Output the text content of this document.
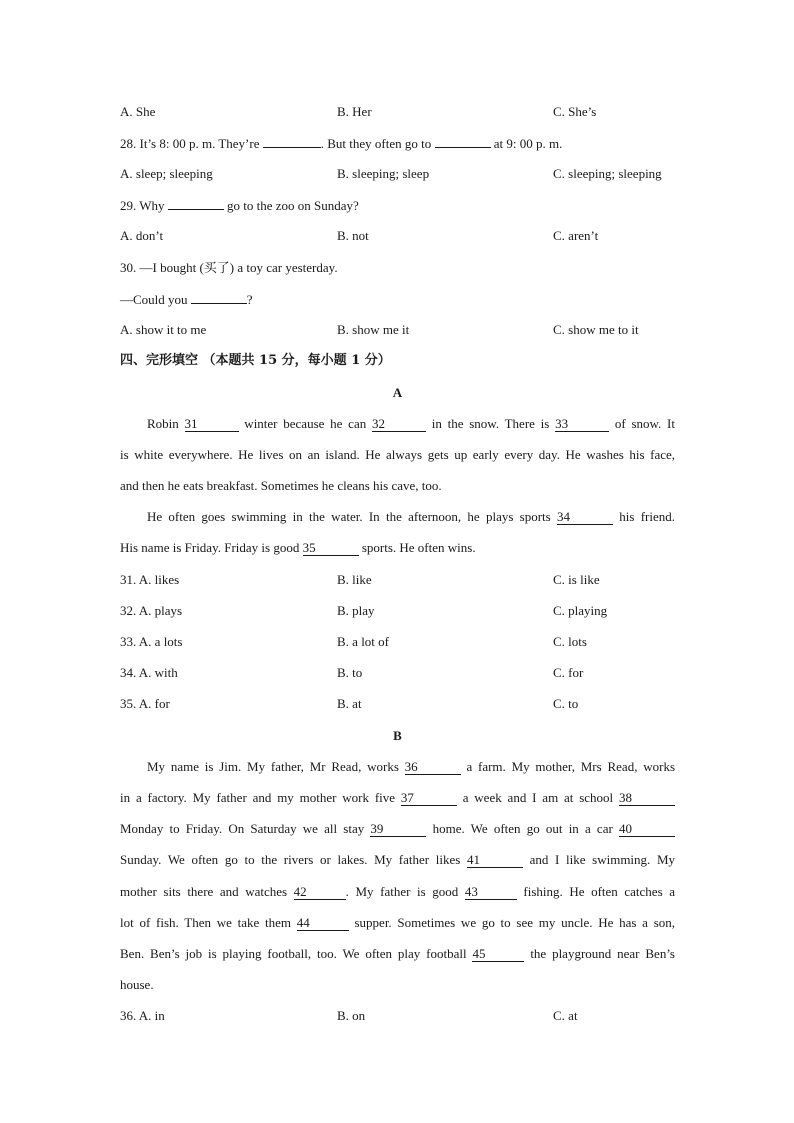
A. She	B. Her	C. She’s
28. It’s 8: 00 p. m. They’re	. But they often go to	at 9: 00 p. m.
A. sleep; sleeping	B. sleeping; sleep	C. sleeping; sleeping
29. Why	go to the zoo on Sunday?
A. don’t	B. not	C. aren’t
30. —I bought (买了) a toy car yesterday.
—Could you	?
A. show it to me	B. show me it	C. show me to it
四、完形填空 （本题共 15 分，每小题 1 分）
A
Robin 31	winter because he can 32	in the snow. There is 33	of snow. It
is white everywhere. He lives on an island. He always gets up early every day. He washes his face,
and then he eats breakfast. Sometimes he cleans his cave, too.
He often goes swimming in the water. In the afternoon, he plays sports 34	his friend.
His name is Friday. Friday is good 35	sports. He often wins.
31. A. likes	B. like	C. is like
32. A. plays	B. play	C. playing
33. A. a lots	B. a lot of	C. lots
34. A. with	B. to	C. for
35. A. for	B. at	C. to
B
My name is Jim. My father, Mr Read, works 36	a farm. My mother, Mrs Read, works
in a factory. My father and my mother work five 37	a week and I am at school 38
Monday to Friday. On Saturday we all stay 39	home. We often go out in a car 40
Sunday. We often go to the rivers or lakes. My father likes 41	and I like swimming. My
mother sits there and watches 42	. My father is good 43	fishing. He often catches a
lot of fish. Then we take them 44	supper. Sometimes we go to see my uncle. He has a son,
Ben. Ben’s job is playing football, too. We often play football 45	the playground near Ben’s
house.
36. A. in	B. on	C. at
